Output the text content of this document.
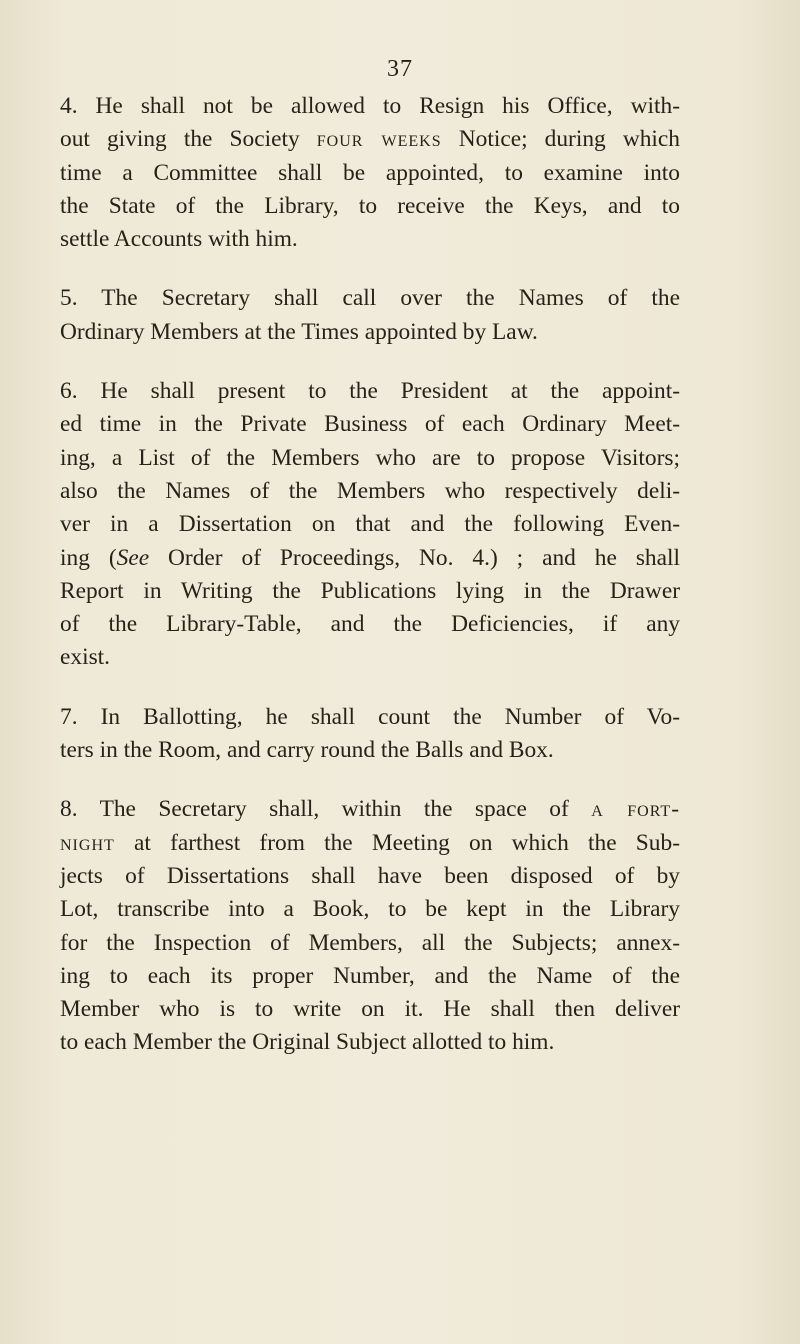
37
4. He shall not be allowed to Resign his Office, with-
out giving the Society four weeks Notice; during which
time a Committee shall be appointed, to examine into
the State of the Library, to receive the Keys, and to
settle Accounts with him.
5. The Secretary shall call over the Names of the
Ordinary Members at the Times appointed by Law.
6. He shall present to the President at the appoint-
ed time in the Private Business of each Ordinary Meet-
ing, a List of the Members who are to propose Visitors;
also the Names of the Members who respectively deli-
ver in a Dissertation on that and the following Even-
ing (See Order of Proceedings, No. 4.) ; and he shall
Report in Writing the Publications lying in the Drawer
of the Library-Table, and the Deficiencies, if any
exist.
7. In Ballotting, he shall count the Number of Vo-
ters in the Room, and carry round the Balls and Box.
8. The Secretary shall, within the space of a fort-
night at farthest from the Meeting on which the Sub-
jects of Dissertations shall have been disposed of by
Lot, transcribe into a Book, to be kept in the Library
for the Inspection of Members, all the Subjects; annex-
ing to each its proper Number, and the Name of the
Member who is to write on it. He shall then deliver
to each Member the Original Subject allotted to him.
